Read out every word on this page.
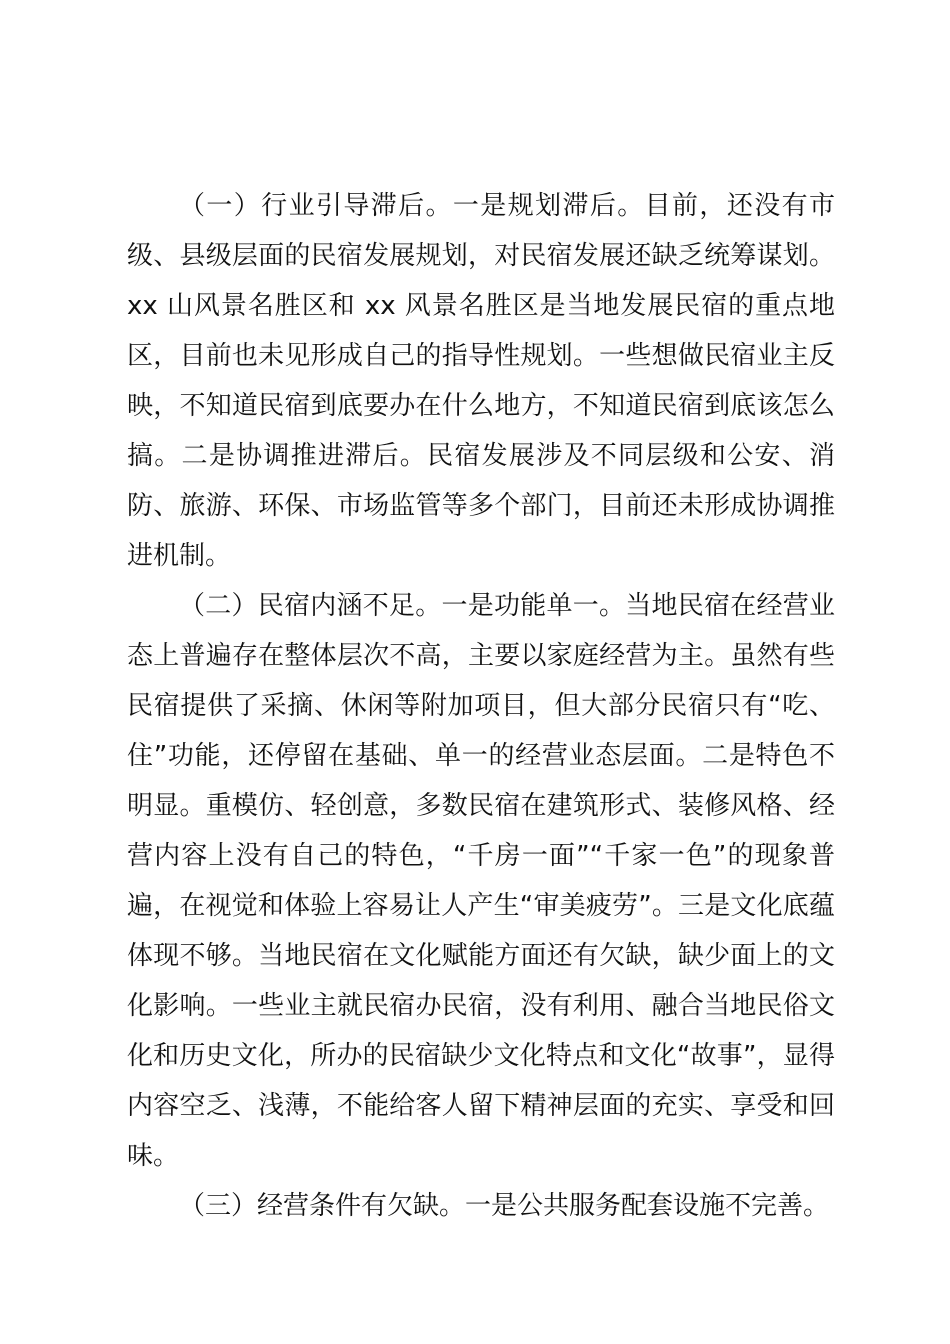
（一）行业引导滞后。一是规划滞后。目前，还没有市级、县级层面的民宿发展规划，对民宿发展还缺乏统筹谋划。xx 山风景名胜区和 xx 风景名胜区是当地发展民宿的重点地区，目前也未见形成自己的指导性规划。一些想做民宿业主反映，不知道民宿到底要办在什么地方，不知道民宿到底该怎么搞。二是协调推进滞后。民宿发展涉及不同层级和公安、消防、旅游、环保、市场监管等多个部门，目前还未形成协调推进机制。

（二）民宿内涵不足。一是功能单一。当地民宿在经营业态上普遍存在整体层次不高，主要以家庭经营为主。虽然有些民宿提供了采摘、休闲等附加项目，但大部分民宿只有“吃、住”功能，还停留在基础、单一的经营业态层面。二是特色不明显。重模仿、轻创意，多数民宿在建筑形式、装修风格、经营内容上没有自己的特色，“千房一面”“千家一色”的现象普遍，在视觉和体验上容易让人产生“审美疲劳”。三是文化底蕴体现不够。当地民宿在文化赋能方面还有欠缺，缺少面上的文化影响。一些业主就民宿办民宿，没有利用、融合当地民俗文化和历史文化，所办的民宿缺少文化特点和文化“故事”，显得内容空乏、浅薄，不能给客人留下精神层面的充实、享受和回味。

（三）经营条件有欠缺。一是公共服务配套设施不完善。
